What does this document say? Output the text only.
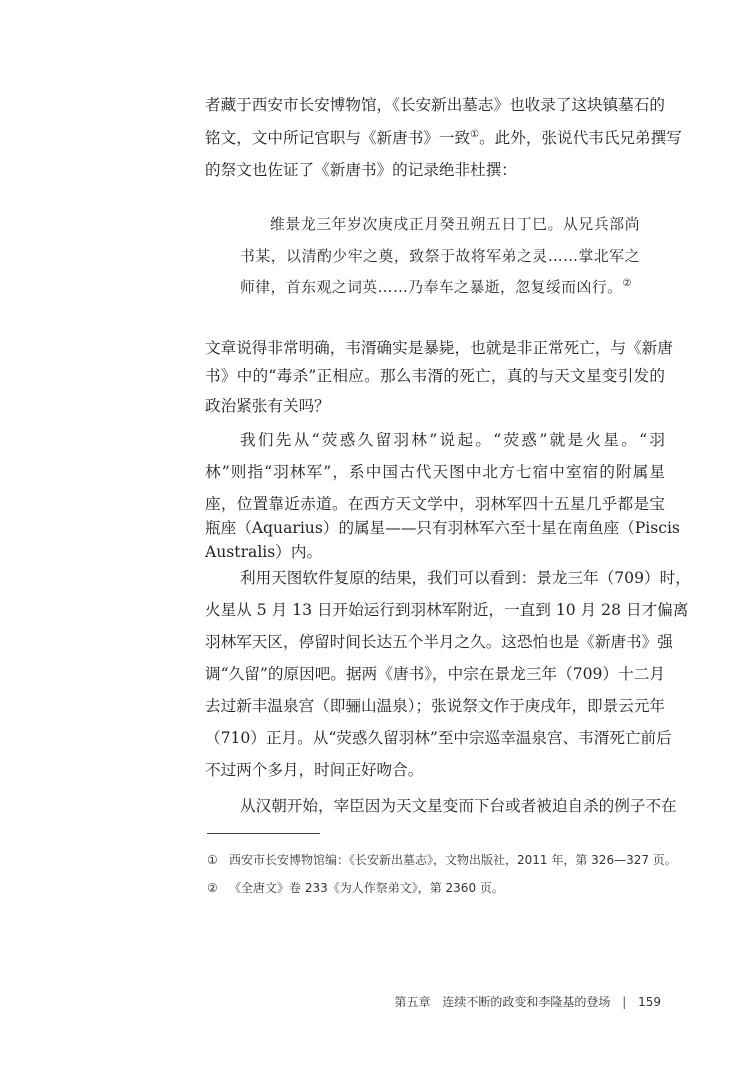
者藏于西安市长安博物馆，《长安新出墓志》也收录了这块镇墓石的
铭文，文中所记官职与《新唐书》一致①。此外，张说代韦氏兄弟撰写
的祭文也佐证了《新唐书》的记录绝非杜撰：
维景龙三年岁次庚戌正月癸丑朔五日丁巳。从兄兵部尚
书某，以清酌少牢之奠，致祭于故将军弟之灵……掌北军之
师律，首东观之词英……乃奉车之暴逝，忽复绥而凶行。②
文章说得非常明确，韦湑确实是暴毙，也就是非正常死亡，与《新唐
书》中的“毒杀”正相应。那么韦湑的死亡，真的与天文星变引发的
政治紧张有关吗？
我们先从“荧惑久留羽林”说起。“荧惑”就是火星。“羽
林”则指“羽林军”，系中国古代天图中北方七宿中室宿的附属星
座，位置靠近赤道。在西方天文学中，羽林军四十五星几乎都是宝
瓶座（Aquarius）的属星——只有羽林军六至十星在南鱼座（Piscis
Australis）内。
利用天图软件复原的结果，我们可以看到：景龙三年（709）时，
火星从 5 月 13 日开始运行到羽林军附近，一直到 10 月 28 日才偏离
羽林军天区，停留时间长达五个半月之久。这恐怕也是《新唐书》强
调“久留”的原因吧。据两《唐书》，中宗在景龙三年（709）十二月
去过新丰温泉宫（即骊山温泉）；张说祭文作于庚戌年，即景云元年
（710）正月。从“荧惑久留羽林”至中宗巡幸温泉宫、韦湑死亡前后
不过两个多月，时间正好吻合。
从汉朝开始，宰臣因为天文星变而下台或者被迫自杀的例子不在
① 西安市长安博物馆编：《长安新出墓志》，文物出版社，2011 年，第 326—327 页。
② 《全唐文》卷 233《为人作祭弟文》，第 2360 页。
第五章 连续不断的政变和李隆基的登场 | 159
